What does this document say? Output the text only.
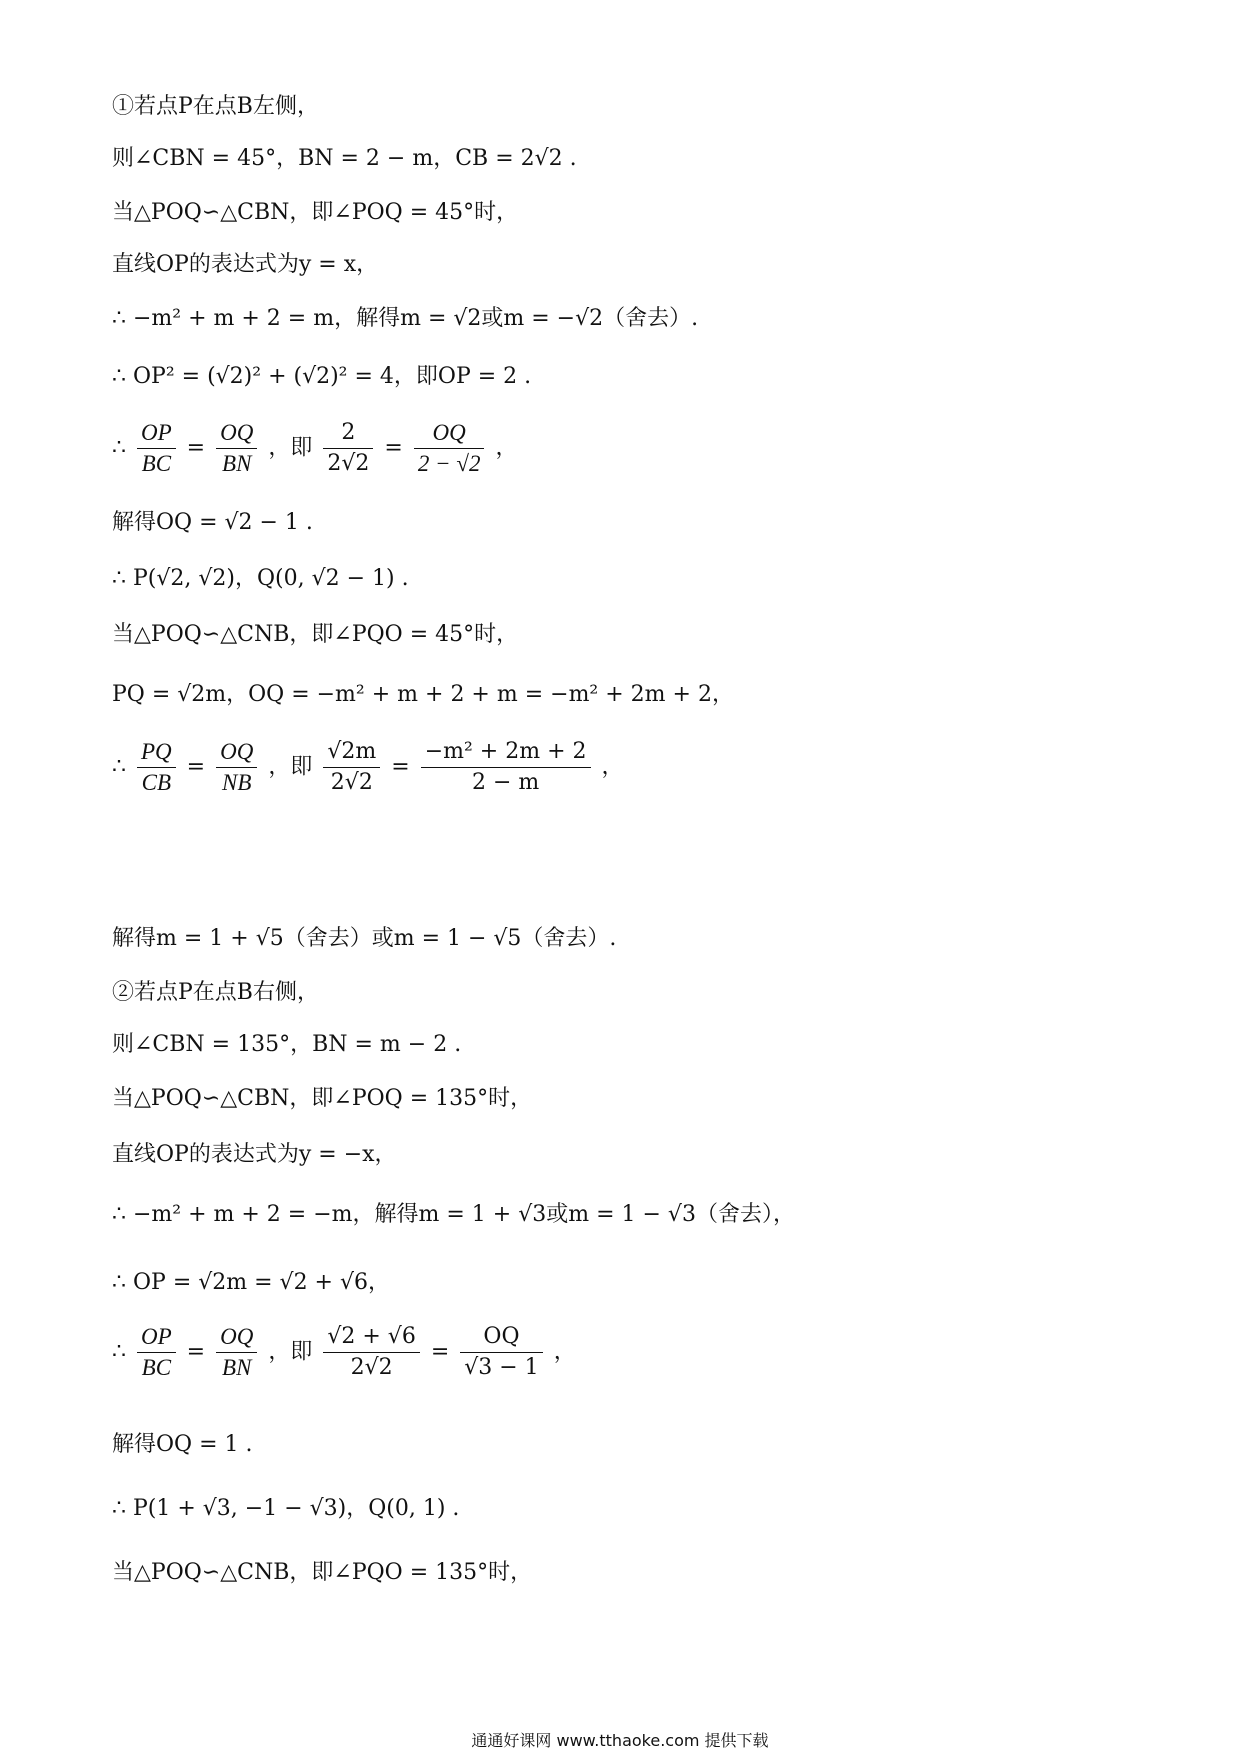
①若点P在点B左侧，
则∠CBN = 45°，BN = 2 − m，CB = 2√2 .
当△POQ∽△CBN，即∠POQ = 45°时，
直线OP的表达式为y = x，
∴ −m² + m + 2 = m，解得m = √2或m = −√2（舍去）.
∴ OP² = (√2)² + (√2)² = 4，即OP = 2 .
∴ $\frac{OP}{BC} = \frac{OQ}{BN}$ ，即 $\frac{2}{2√2} = \frac{OQ}{2 - √2}$ ，
解得OQ = √2 − 1 .
∴ P(√2, √2)，Q(0, √2 − 1) .
当△POQ∽△CNB，即∠PQO = 45°时，
PQ = √2m，OQ = −m² + m + 2 + m = −m² + 2m + 2，
∴ $\frac{PQ}{CB} = \frac{OQ}{NB}$ ，即 $\frac{√2m}{2√2} = \frac{\text{−m² + 2m + 2}}{2 - m}$ ，
解得m = 1 + √5（舍去）或m = 1 − √5（舍去）.
②若点P在点B右侧，
则∠CBN = 135°，BN = m − 2 .
当△POQ∽△CBN，即∠POQ = 135°时，
直线OP的表达式为y = −x，
∴ −m² + m + 2 = −m，解得m = 1 + √3或m = 1 − √3（舍去），
∴ OP = √2m = √2 + √6，
∴ $\frac{OP}{BC} = \frac{OQ}{BN}$ ，即 $\frac{√2 + √6}{2√2} = \frac{OQ}{√3 - 1}$ ，
解得OQ = 1 .
∴ P(1 + √3, −1 − √3)，Q(0, 1) .
当△POQ∽△CNB，即∠PQO = 135°时，
通通好课网 www.tthaoke.com 提供下载
